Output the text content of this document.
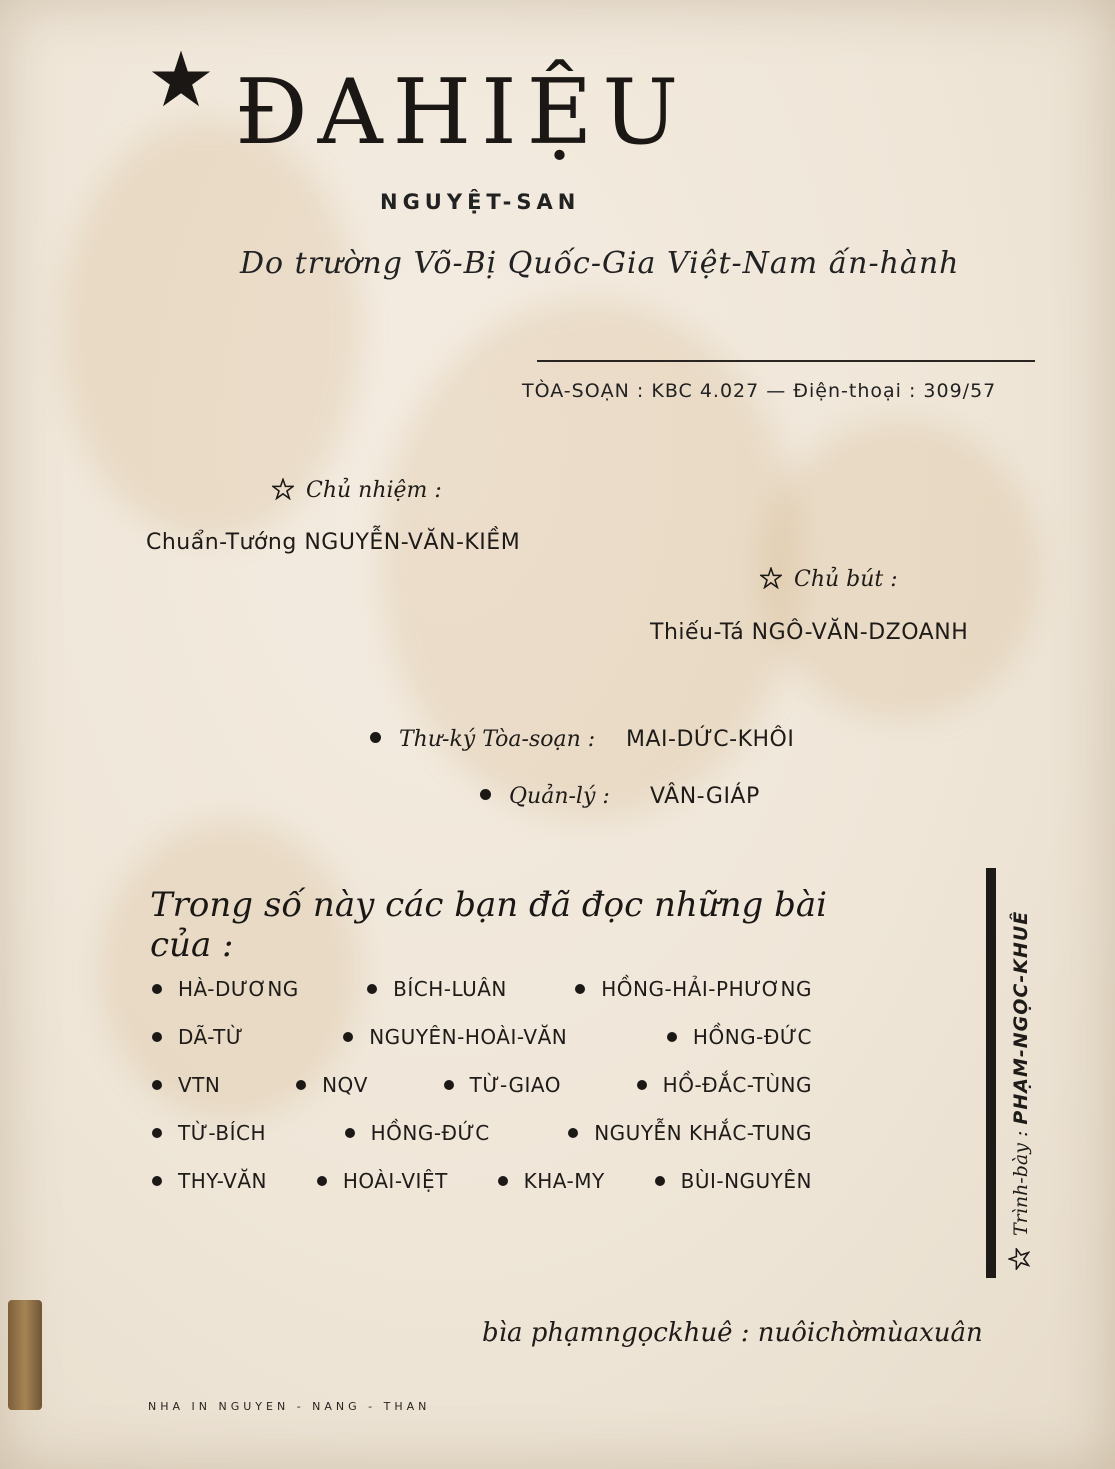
ĐAHIỆU
NGUYỆT-SAN
Do trường Võ-Bị Quốc-Gia Việt-Nam ấn-hành
TÒA-SOẠN : KBC 4.027 — Điện-thoại : 309/57
Chủ nhiệm :
Chuẩn-Tướng NGUYỄN-VĂN-KIỀM
Chủ bút :
Thiếu-Tá NGÔ-VĂN-DZOANH
Thư-ký Tòa-soạn : MAI-DỨC-KHÔI
Quản-lý : VÂN-GIÁP
Trong số này các bạn đã đọc những bài của :
HÀ-DƯƠNG	BÍCH-LUÂN	HỒNG-HẢI-PHƯƠNG
DÃ-TỪ	NGUYÊN-HOÀI-VĂN	HỒNG-ĐỨC
VTN	NQV	TỪ-GIAO	HỒ-ĐẮC-TÙNG
TỪ-BÍCH	HỒNG-ĐỨC	NGUYỄN KHẮC-TUNG
THY-VĂN	HOÀI-VIỆT	KHA-MY	BÙI-NGUYÊN	Trình-bày : PHẠM-NGỌC-KHUÊ
bìa phạmngọckhuê : nuôichờmùaxuân
NHA IN NGUYEN - NANG - THAN
